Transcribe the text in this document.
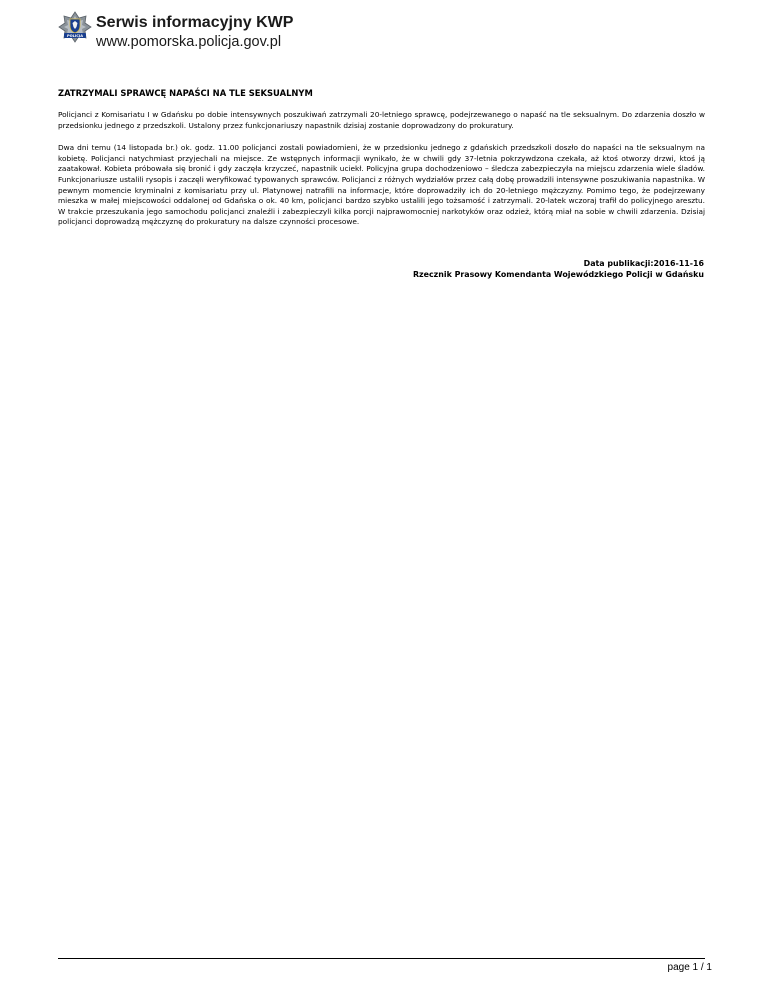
POLICJA
Serwis informacyjny KWP
www.pomorska.policja.gov.pl
ZATRZYMALI SPRAWCĘ NAPAŚCI NA TLE SEKSUALNYM

Policjanci z Komisariatu I w Gdańsku po dobie intensywnych poszukiwań zatrzymali 20-letniego sprawcę, podejrzewanego o napaść na tle seksualnym. Do zdarzenia doszło w przedsionku jednego z przedszkoli. Ustalony przez funkcjonariuszy napastnik dzisiaj zostanie doprowadzony do prokuratury.

Dwa dni temu (14 listopada br.) ok. godz. 11.00 policjanci zostali powiadomieni, że w przedsionku jednego z gdańskich przedszkoli doszło do napaści na tle seksualnym na kobietę. Policjanci natychmiast przyjechali na miejsce. Ze wstępnych informacji wynikało, że w chwili gdy 37-letnia pokrzywdzona czekała, aż ktoś otworzy drzwi, ktoś ją zaatakował. Kobieta próbowała się bronić i gdy zaczęła krzyczeć, napastnik uciekł. Policyjna grupa dochodzeniowo – śledcza zabezpieczyła na miejscu zdarzenia wiele śladów. Funkcjonariusze ustalili rysopis i zaczęli weryfikować typowanych sprawców. Policjanci z różnych wydziałów przez całą dobę prowadzili intensywne poszukiwania napastnika. W pewnym momencie kryminalni z komisariatu przy ul. Platynowej natrafili na informacje, które doprowadziły ich do 20-letniego mężczyzny. Pomimo tego, że podejrzewany mieszka w małej miejscowości oddalonej od Gdańska o ok. 40 km, policjanci bardzo szybko ustalili jego tożsamość i zatrzymali. 20-latek wczoraj trafił do policyjnego aresztu. W trakcie przeszukania jego samochodu policjanci znaleźli i zabezpieczyli kilka porcji najprawomocniej narkotyków oraz odzież, którą miał na sobie w chwili zdarzenia. Dzisiaj policjanci doprowadzą mężczyznę do prokuratury na dalsze czynności procesowe.

Data publikacji:2016-11-16
Rzecznik Prasowy Komendanta Wojewódzkiego Policji w Gdańsku
page 1 / 1
